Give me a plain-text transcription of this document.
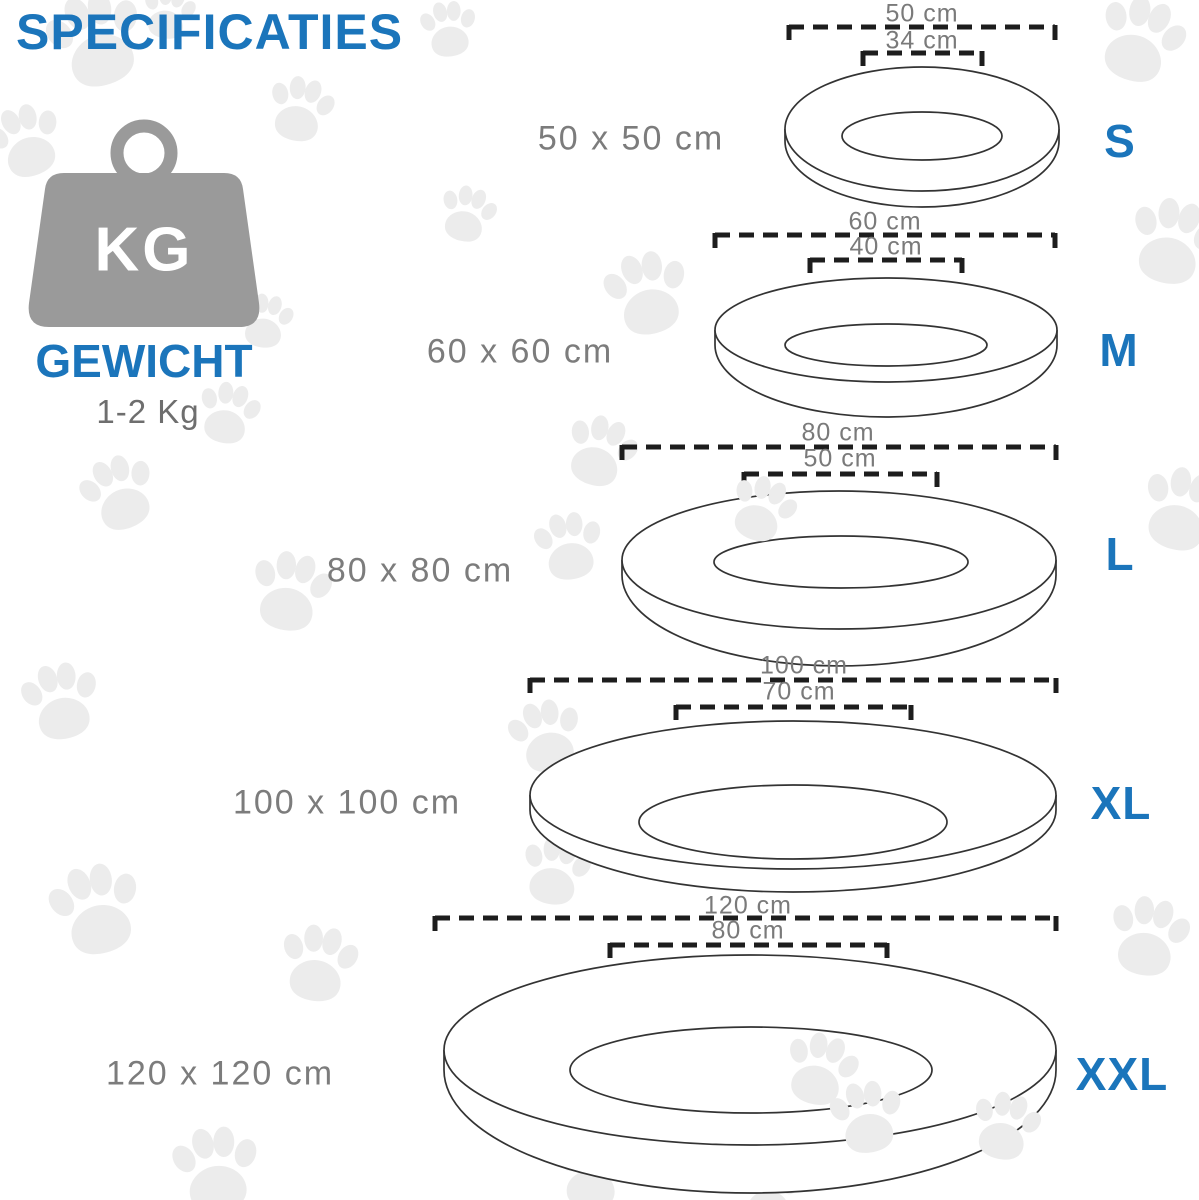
SPECIFICATIES
KG
GEWICHT
1-2 Kg
50 x 50 cm	S
50 cm
34 cm
60 x 60 cm	M
60 cm
40 cm
80 x 80 cm	L
80 cm
50 cm
100 x 100 cm	XL
100 cm
70 cm
120 x 120 cm	XXL
120 cm
80 cm
